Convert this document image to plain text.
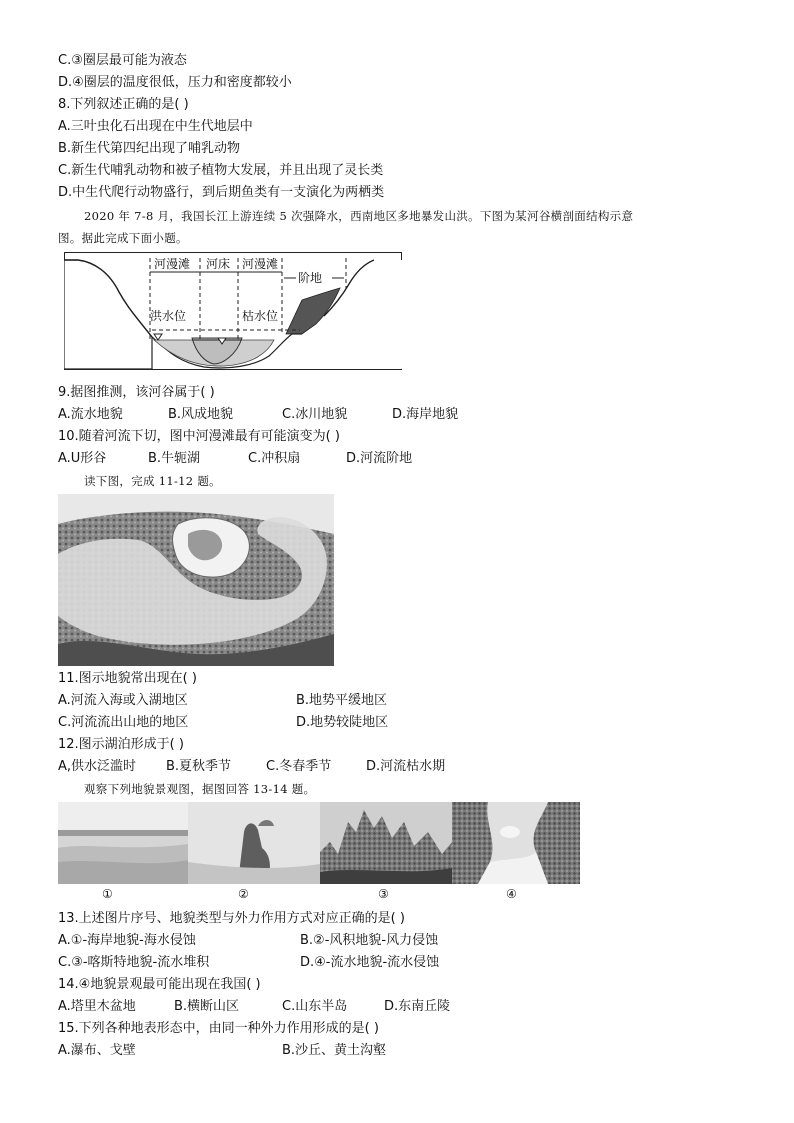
C.③圈层最可能为液态
D.④圈层的温度很低，压力和密度都较小
8.下列叙述正确的是( )
A.三叶虫化石出现在中生代地层中
B.新生代第四纪出现了哺乳动物
C.新生代哺乳动物和被子植物大发展，并且出现了灵长类
D.中生代爬行动物盛行，到后期鱼类有一支演化为两栖类
2020 年 7-8 月，我国长江上游连续 5 次强降水，西南地区多地暴发山洪。下图为某河谷横剖面结构示意
图。据此完成下面小题。
河漫滩 河床 河漫滩
阶地
洪水位	枯水位
9.据图推测，该河谷属于( )
A.流水地貌	B.风成地貌	C.冰川地貌	D.海岸地貌
10.随着河流下切，图中河漫滩最有可能演变为( )
A.U形谷	B.牛轭湖	C.冲积扇	D.河流阶地
读下图，完成 11-12 题。
11.图示地貌常出现在( )
A.河流入海或入湖地区	B.地势平缓地区
C.河流流出山地的地区	D.地势较陡地区
12.图示湖泊形成于( )
A,供水泛滥时 B.夏秋季节	C.冬春季节	D.河流枯水期
观察下列地貌景观图，据图回答 13-14 题。
①	②	③	④
13.上述图片序号、地貌类型与外力作用方式对应正确的是( )
A.①-海岸地貌-海水侵蚀	B.②-风积地貌-风力侵蚀
C.③-喀斯特地貌-流水堆积	D.④-流水地貌-流水侵蚀
14.④地貌景观最可能出现在我国( )
A.塔里木盆地	B.横断山区	C.山东半岛	D.东南丘陵
15.下列各种地表形态中，由同一种外力作用形成的是( )
A.瀑布、戈壁	B.沙丘、黄土沟壑
